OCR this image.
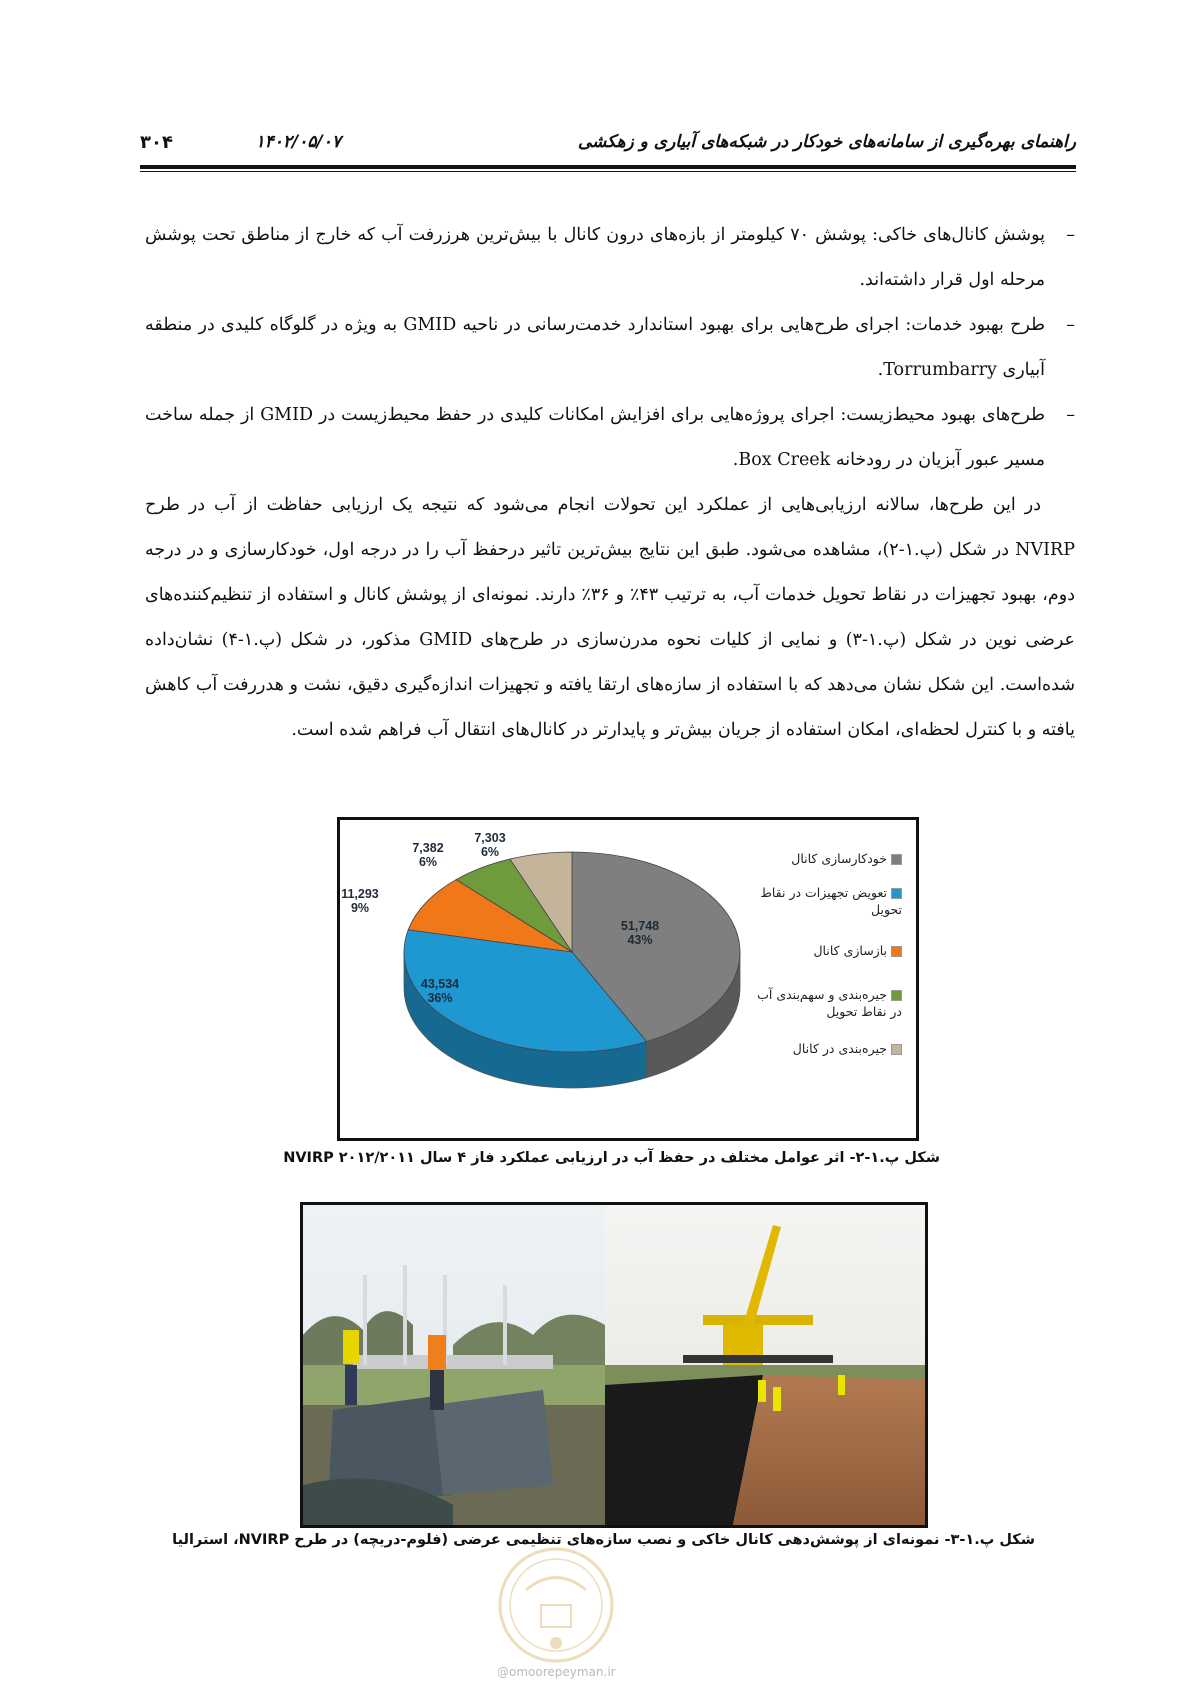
راهنمای بهره‌گیری از سامانه‌های خودکار در شبکه‌های آبیاری و زهکشی
۱۴۰۲/۰۵/۰۷
۳۰۴
–
پوشش کانال‌های خاکی: پوشش ۷۰ کیلومتر از بازه‌های درون کانال با بیش‌ترین هرزرفت آب که خارج از مناطق تحت پوشش مرحله اول قرار داشته‌اند.
–
طرح بهبود خدمات: اجرای طرح‌هایی برای بهبود استاندارد خدمت‌رسانی در ناحیه GMID به ویژه در گلوگاه کلیدی در منطقه آبیاری Torrumbarry.
–
طرح‌های بهبود محیط‌زیست: اجرای پروژه‌هایی برای افزایش امکانات کلیدی در حفظ محیط‌زیست در GMID از جمله ساخت مسیر عبور آبزیان در رودخانه Box Creek.
در این طرح‌ها، سالانه ارزیابی‌هایی از عملکرد این تحولات انجام می‌شود که نتیجه یک ارزیابی حفاظت از آب در طرح NVIRP در شکل (پ.۱-۲)، مشاهده می‌شود. طبق این نتایج بیش‌ترین تاثیر درحفظ آب را در درجه اول، خودکارسازی و در درجه دوم، بهبود تجهیزات در نقاط تحویل خدمات آب، به ترتیب ۴۳٪ و ۳۶٪ دارند. نمونه‌ای از پوشش کانال و استفاده از تنظیم‌کننده‌های عرضی نوین در شکل (پ.۱-۳) و نمایی از کلیات نحوه مدرن‌سازی در طرح‌های GMID مذکور، در شکل (پ.۱-۴) نشان‌داده شده‌است. این شکل نشان می‌دهد که با استفاده از سازه‌های ارتقا یافته و تجهیزات اندازه‌گیری دقیق، نشت و هدررفت آب کاهش یافته و با کنترل لحظه‌ای، امکان استفاده از جریان بیش‌تر و پایدارتر در کانال‌های انتقال آب فراهم شده است.
51,748
43%
43,534
36%
11,293
9%
7,382
6%
7,303
6%	خودکارسازی کانال
تعویض تجهیزات در نقاط تحویل
بازسازی کانال
جیره‌بندی و سهم‌بندی آب در نقاط تحویل
جیره‌بندی در کانال
شکل پ.۱-۲- اثر عوامل مختلف در حفظ آب در ارزیابی عملکرد فاز ۴ سال ۲۰۱۲/۲۰۱۱ NVIRP
شکل پ.۱-۳- نمونه‌ای از پوشش‌دهی کانال خاکی و نصب سازه‌های تنظیمی عرضی (فلوم-دریچه) در طرح NVIRP، استرالیا
@omoorepeyman.ir
